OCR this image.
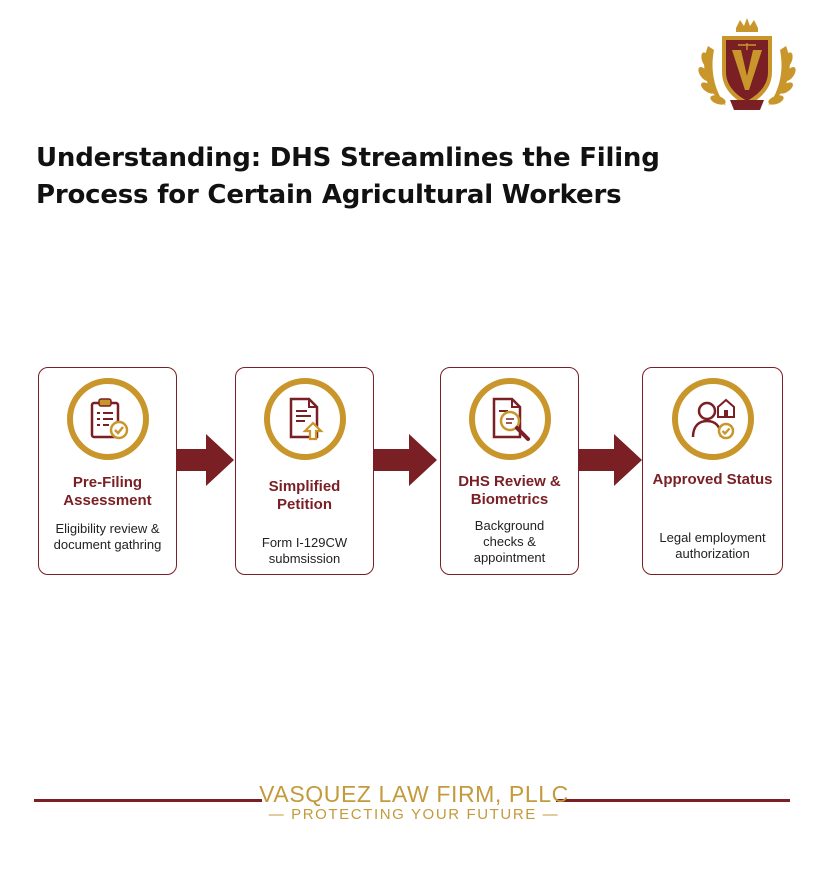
Understanding: DHS Streamlines the Filing Process for Certain Agricultural Workers
Pre-Filing Assessment
Eligibility review & document gathring
Simplified Petition
Form I-129CW submsission
DHS Review & Biometrics
Background checks & appointment
Approved Status
Legal employment authorization
VASQUEZ LAW FIRM, PLLC
— PROTECTING YOUR FUTURE —
